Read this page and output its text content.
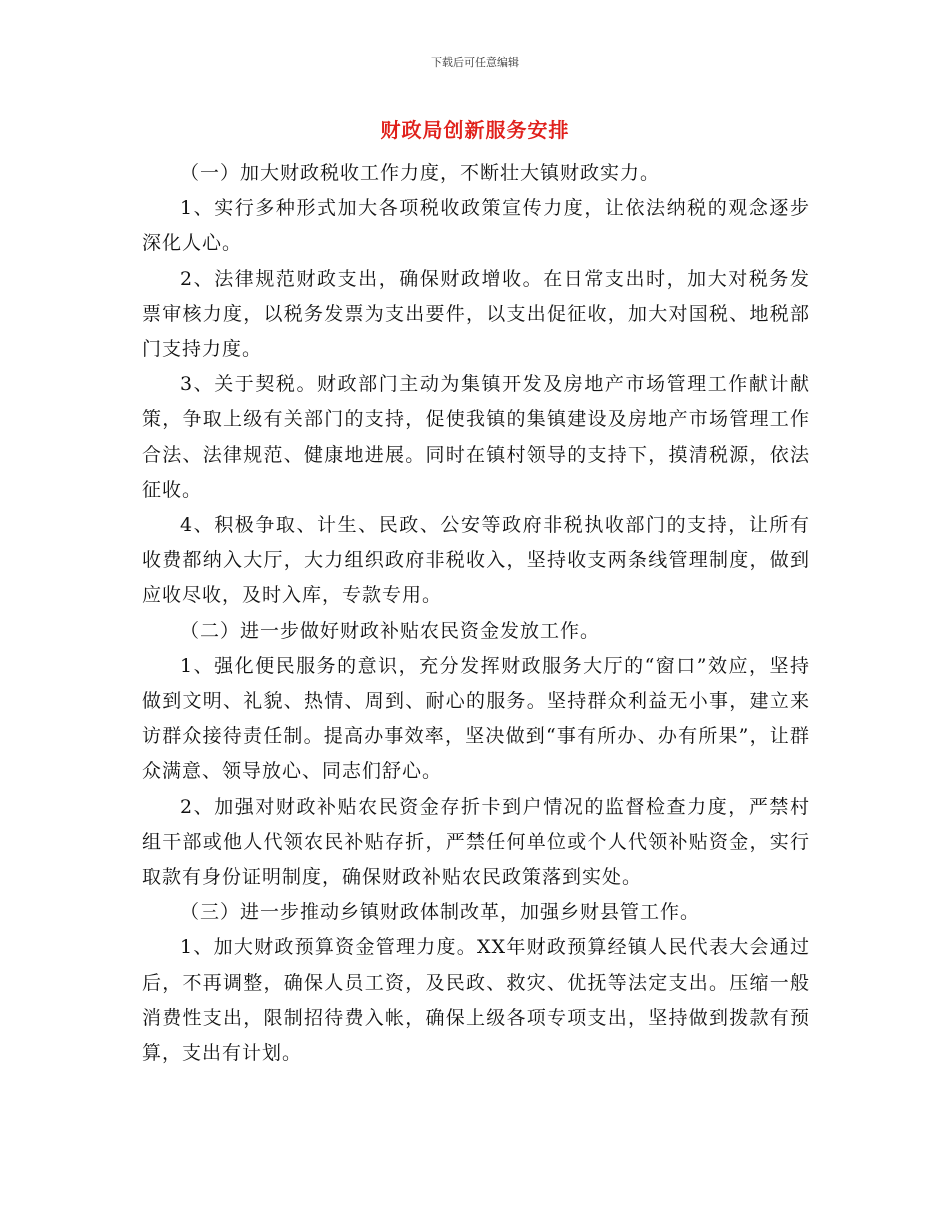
下载后可任意编辑
财政局创新服务安排

（一）加大财政税收工作力度，不断壮大镇财政实力。

1、实行多种形式加大各项税收政策宣传力度，让依法纳税的观念逐步深化人心。

2、法律规范财政支出，确保财政增收。在日常支出时，加大对税务发票审核力度，以税务发票为支出要件，以支出促征收，加大对国税、地税部门支持力度。

3、关于契税。财政部门主动为集镇开发及房地产市场管理工作献计献策，争取上级有关部门的支持，促使我镇的集镇建设及房地产市场管理工作合法、法律规范、健康地进展。同时在镇村领导的支持下，摸清税源，依法征收。

4、积极争取、计生、民政、公安等政府非税执收部门的支持，让所有收费都纳入大厅，大力组织政府非税收入，坚持收支两条线管理制度，做到应收尽收，及时入库，专款专用。

（二）进一步做好财政补贴农民资金发放工作。

1、强化便民服务的意识，充分发挥财政服务大厅的“窗口”效应，坚持做到文明、礼貌、热情、周到、耐心的服务。坚持群众利益无小事，建立来访群众接待责任制。提高办事效率，坚决做到“事有所办、办有所果”，让群众满意、领导放心、同志们舒心。

2、加强对财政补贴农民资金存折卡到户情况的监督检查力度，严禁村组干部或他人代领农民补贴存折，严禁任何单位或个人代领补贴资金，实行取款有身份证明制度，确保财政补贴农民政策落到实处。

（三）进一步推动乡镇财政体制改革，加强乡财县管工作。

1、加大财政预算资金管理力度。XX年财政预算经镇人民代表大会通过后，不再调整，确保人员工资，及民政、救灾、优抚等法定支出。压缩一般消费性支出，限制招待费入帐，确保上级各项专项支出，坚持做到拨款有预算，支出有计划。
